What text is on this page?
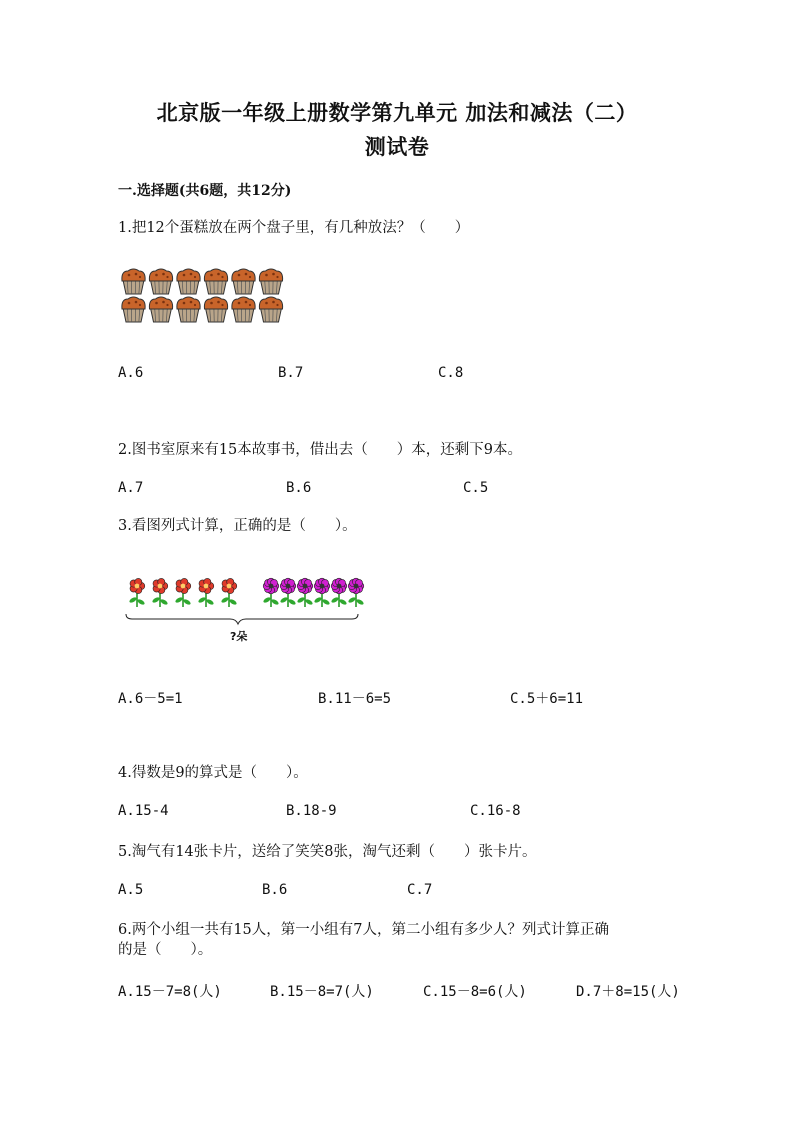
北京版一年级上册数学第九单元 加法和减法（二）
测试卷
一.选择题(共6题，共12分)
1.把12个蛋糕放在两个盘子里，有几种放法？（　　）
A.6	B.7	C.8
2.图书室原来有15本故事书，借出去（　　）本，还剩下9本。
A.7	B.6	C.5
3.看图列式计算，正确的是（　　）。
?朵
A.6－5=1	B.11－6=5	C.5＋6=11
4.得数是9的算式是（　　）。
A.15-4	B.18-9	C.16-8
5.淘气有14张卡片，送给了笑笑8张，淘气还剩（　　）张卡片。
A.5	B.6	C.7
6.两个小组一共有15人，第一小组有7人，第二小组有多少人？列式计算正确
的是（　　）。
A.15－7=8(人)	B.15－8=7(人)	C.15－8=6(人)	D.7＋8=15(人)
